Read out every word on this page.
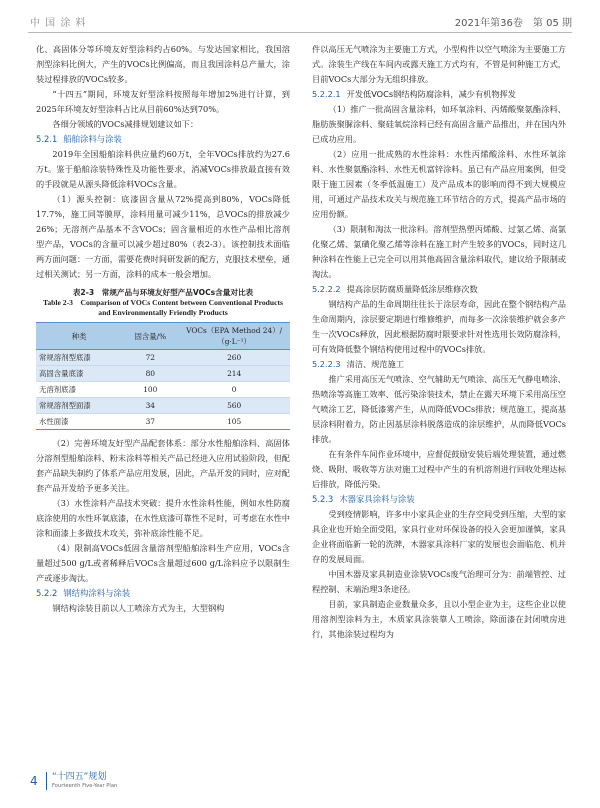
中 国 涂 料	2021年第36卷　第 05 期

化、高固体分等环境友好型涂料约占60%。与发达国家相比，我国溶剂型涂料比例大，产生的VOCs比例偏高，而且我国涂料总产量大，涂装过程排放的VOCs较多。

“十四五”期间，环境友好型涂料按照每年增加2%进行计算，到2025年环境友好型涂料占比从目前60%达到70%。

各细分领域的VOCs减排规划建议如下：

5.2.1 船舶涂料与涂装

2019年全国船舶涂料供应量约60万t，全年VOCs排放约为27.6万t。鉴于船舶涂装特殊性及功能性要求，消减VOCs排放最直接有效的手段就是从源头降低涂料VOCs含量。

（1）源头控制：底漆固含量从72%提高到80%，VOCs降低17.7%，施工同等膜厚，涂料用量可减少11%，总VOCs的排放减少26%；无溶剂产品基本不含VOCs；固含量相近的水性产品相比溶剂型产品，VOCs的含量可以减少超过80%（表2-3）。该控制技术面临两方面问题：一方面，需要花费时间研发新的配方，克服技术壁垒，通过相关测试；另一方面，涂料的成本一般会增加。

表2-3　常规产品与环境友好型产品VOCs含量对比表
Table 2-3　Comparison of VOCs Content between Conventional Products and Environmentally Friendly Products
种类	固含量/%	VOCs（EPA Method 24）/（g·L⁻¹）
常规溶剂型底漆	72	260
高固含量底漆	80	214
无溶剂底漆	100	0
常规溶剂型面漆	34	560
水性面漆	37	105

（2）完善环境友好型产品配套体系：部分水性船舶涂料、高固体分溶剂型船舶涂料、粉末涂料等相关产品已经进入应用试验阶段，但配套产品缺失制约了体系产品应用发展，因此，产品开发的同时，应对配套产品开发给予更多关注。

（3）水性涂料产品技术突破：提升水性涂料性能，例如水性防腐底涂使用的水性环氧底漆，在水性底漆可靠性不足时，可考虑在水性中涂和面漆上多做技术攻关，弥补底涂性能不足。

（4）限制高VOCs低固含量溶剂型船舶涂料生产应用，VOCs含量超过500 g/L或者稀释后VOCs含量超过600 g/L涂料应予以限制生产或逐步淘汰。

5.2.2 钢结构涂料与涂装

钢结构涂装目前以人工喷涂方式为主，大型钢构

件以高压无气喷涂为主要施工方式，小型构件以空气喷涂为主要施工方式。涂装生产线在车间内或露天施工方式均有，不管是何种施工方式，目前VOCs大部分为无组织排放。

5.2.2.1 开发低VOCs钢结构防腐涂料，减少有机物挥发

（1）推广一批高固含量涂料，如环氧涂料、丙烯酸聚氨酯涂料、脂肪族聚脲涂料、聚硅氧烷涂料已经有高固含量产品推出，并在国内外已成功应用。

（2）应用一批成熟的水性涂料：水性丙烯酸涂料、水性环氧涂料、水性聚氨酯涂料、水性无机富锌涂料。虽已有产品应用案例，但受限于施工因素（冬季低温施工）及产品成本的影响而得不到大规模应用，可通过产品技术攻关与规范施工环节结合的方式，提高产品市场的应用份额。

（3）限制和淘汰一批涂料。溶剂型热塑丙烯酸、过氯乙烯、高氯化聚乙烯、氯磺化聚乙烯等涂料在施工时产生较多的VOCs，同时这几种涂料在性能上已完全可以用其他高固含量涂料取代，建议给予限制或淘汰。

5.2.2.2 提高涂层防腐质量降低涂层维修次数

钢结构产品的生命周期往往长于涂层寿命，因此在整个钢结构产品生命周期内，涂层要定期进行维修维护，而每多一次涂装维护就会多产生一次VOCs释放，因此根据防腐时限要求针对性选用长效防腐涂料，可有效降低整个钢结构使用过程中的VOCs排放。

5.2.2.3 清洁、规范施工

推广采用高压无气喷涂、空气辅助无气喷涂、高压无气静电喷涂、热喷涂等高施工效率、低污染涂装技术，禁止在露天环境下采用高压空气喷涂工艺，降低漆雾产生，从而降低VOCs排放；规范施工，提高基层涂料附着力，防止因基层涂料脱落造成的涂层维护，从而降低VOCs排放。

在有条件车间作业环境中，应督促鼓励安装后端处理装置，通过燃烧、吸附、吸收等方法对施工过程中产生的有机溶剂进行回收处理达标后排放，降低污染。

5.2.3 木器家具涂料与涂装

受到疫情影响，许多中小家具企业的生存空间受到压缩，大型的家具企业也开始全面受阻，家具行业对环保设备的投入会更加谨慎，家具企业将面临新一轮的洗牌，木器家具涂料厂家的发展也会面临危、机并存的发展局面。

中国木器及家具制造业涂装VOCs废气治理可分为：前端管控、过程控制、末端治理3条途径。

目前，家具制造企业数量众多，且以小型企业为主，这些企业以使用溶剂型涂料为主，木质家具涂装靠人工喷涂，除面漆在封闭喷房进行，其他涂装过程均为

4 “十四五”规划
Fourteenth Five-Year Plan
